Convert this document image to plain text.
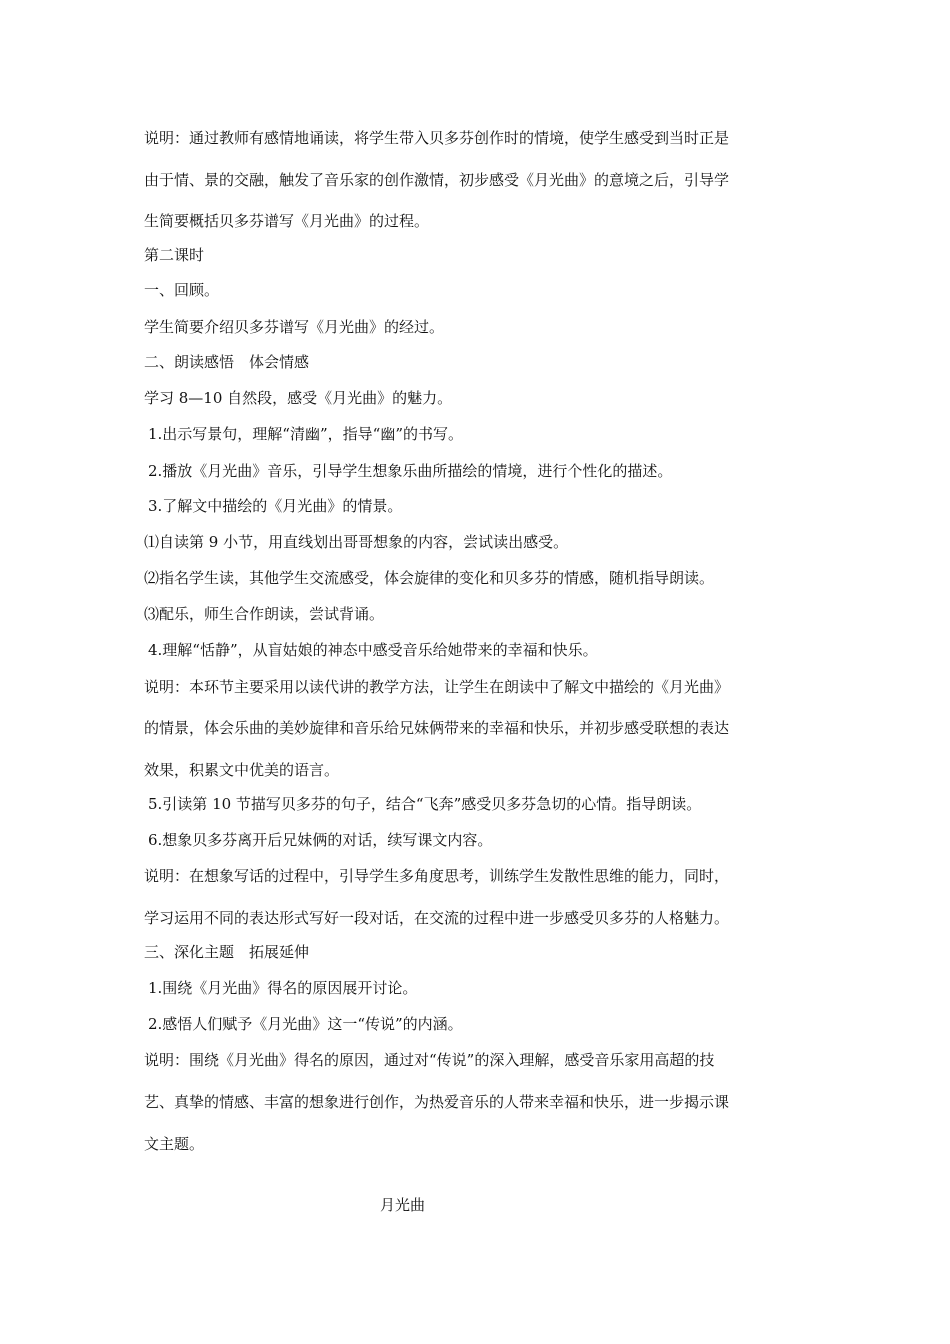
说明：通过教师有感情地诵读，将学生带入贝多芬创作时的情境，使学生感受到当时正是
由于情、景的交融，触发了音乐家的创作激情，初步感受《月光曲》的意境之后，引导学
生简要概括贝多芬谱写《月光曲》的过程。
第二课时
一、回顾。
学生简要介绍贝多芬谱写《月光曲》的经过。
二、朗读感悟　体会情感
学习 8—10 自然段，感受《月光曲》的魅力。
1.出示写景句，理解“清幽”，指导“幽”的书写。
2.播放《月光曲》音乐，引导学生想象乐曲所描绘的情境，进行个性化的描述。
3.了解文中描绘的《月光曲》的情景。
⑴自读第 9 小节，用直线划出哥哥想象的内容，尝试读出感受。
⑵指名学生读，其他学生交流感受，体会旋律的变化和贝多芬的情感，随机指导朗读。
⑶配乐，师生合作朗读，尝试背诵。
4.理解“恬静”，从盲姑娘的神态中感受音乐给她带来的幸福和快乐。
说明：本环节主要采用以读代讲的教学方法，让学生在朗读中了解文中描绘的《月光曲》
的情景，体会乐曲的美妙旋律和音乐给兄妹俩带来的幸福和快乐，并初步感受联想的表达
效果，积累文中优美的语言。
5.引读第 10 节描写贝多芬的句子，结合“飞奔”感受贝多芬急切的心情。指导朗读。
6.想象贝多芬离开后兄妹俩的对话，续写课文内容。
说明：在想象写话的过程中，引导学生多角度思考，训练学生发散性思维的能力，同时，
学习运用不同的表达形式写好一段对话，在交流的过程中进一步感受贝多芬的人格魅力。
三、深化主题　拓展延伸
1.围绕《月光曲》得名的原因展开讨论。
2.感悟人们赋予《月光曲》这一“传说”的内涵。
说明：围绕《月光曲》得名的原因，通过对“传说”的深入理解，感受音乐家用高超的技
艺、真挚的情感、丰富的想象进行创作，为热爱音乐的人带来幸福和快乐，进一步揭示课
文主题。
月光曲
